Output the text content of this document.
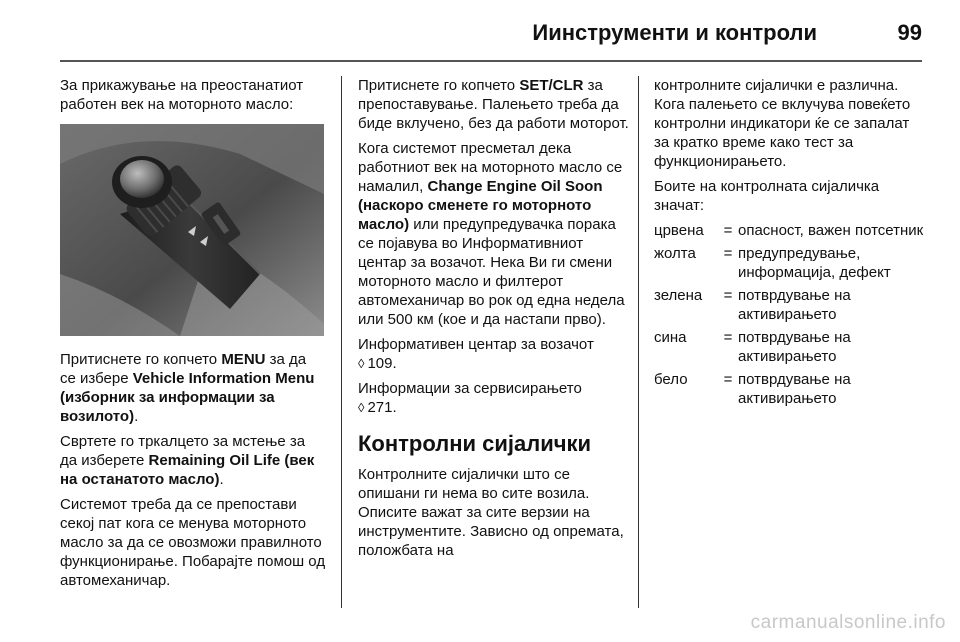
Иинструменти и контроли	99

За прикажување на преостанатиот работен век на моторното масло:

Притиснете го копчето MENU за да се изберe Vehicle Information Menu (изборник за информации за возилото).

Свртете го тркалцето за мстење за да изберете Remaining Oil Life (век на останатото масло).

Системот треба да се препостави секој пат кога се менува моторното масло за да се овозможи правилното функционирање. Побарајте помош од автомеханичар.

Притиснете го копчето SET/CLR за препоставување. Палењето треба да биде вклучено, без да работи моторот.

Кога системот пресметал дека работниот век на моторното масло се намалил, Change Engine Oil Soon (наскоро сменете го моторното масло) или предупредувачка порака се појавува во Информативниот центар за возачот. Нека Ви ги смени моторното масло и филтерот автомеханичар во рок од една недела или 500 км (кое и да настапи прво).

Информативен центар за возачот
◊ 109.

Информации за сервисирањето
◊ 271.

Контролни сијалички

Контролните сијалички што се опишани ги нема во сите возила. Описите важат за сите верзии на инструментите. Зависно од опремата, положбата на

контролните сијалички е различна. Кога палењето се вклучува повеќето контролни индикатори ќе се запалат за кратко време како тест за функционирањето.

Боите на контролната сијаличка значат:

црвена	=	опасност, важен потсетник
жолта	=	предупредување, информација, дефект
зелена	=	потврдување на активирањето
сина	=	потврдување на активирањето
бело	=	потврдување на активирањето
carmanualsonline.info
